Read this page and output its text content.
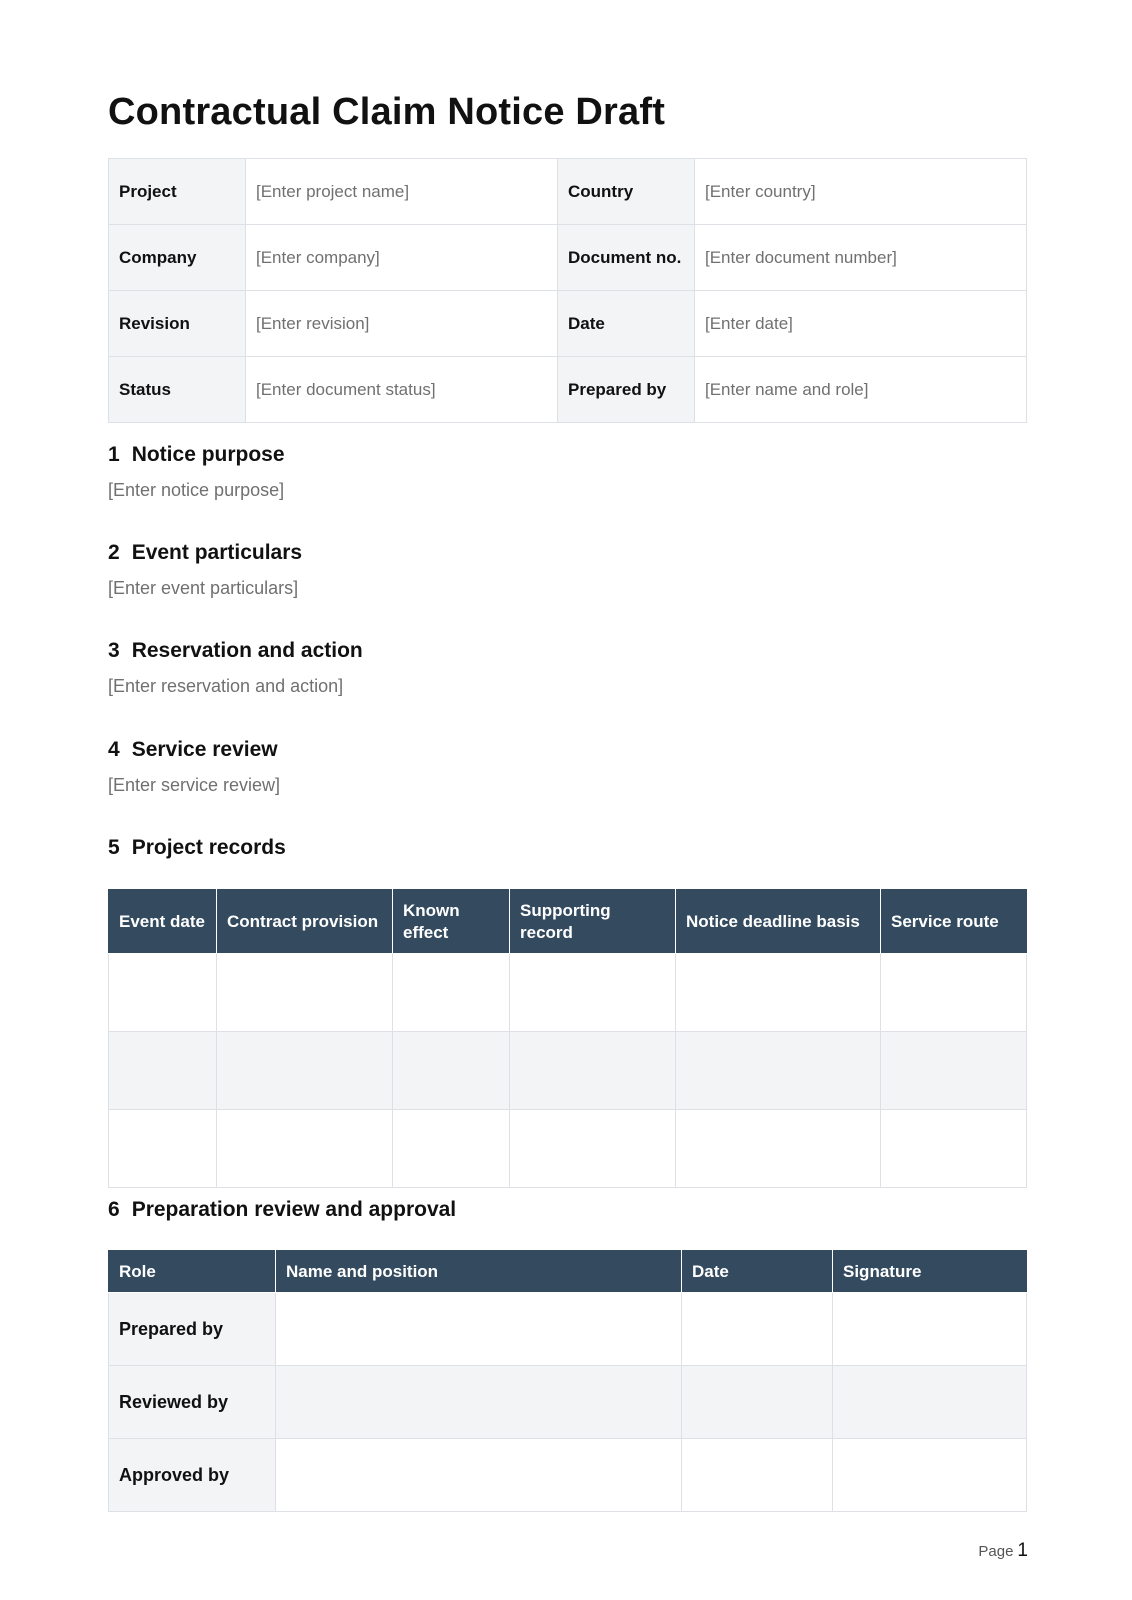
Contractual Claim Notice Draft
Project	[Enter project name]	Country	[Enter country]
Company	[Enter company]	Document no.	[Enter document number]
Revision	[Enter revision]	Date	[Enter date]
Status	[Enter document status]	Prepared by	[Enter name and role]
1 Notice purpose

[Enter notice purpose]

2 Event particulars

[Enter event particulars]

3 Reservation and action

[Enter reservation and action]

4 Service review

[Enter service review]

5 Project records
Event date	Contract provision	Known effect	Supporting record	Notice deadline basis	Service route

6 Preparation review and approval
Role	Name and position	Date	Signature
Prepared by			
Reviewed by			
Approved by			
Page 1
